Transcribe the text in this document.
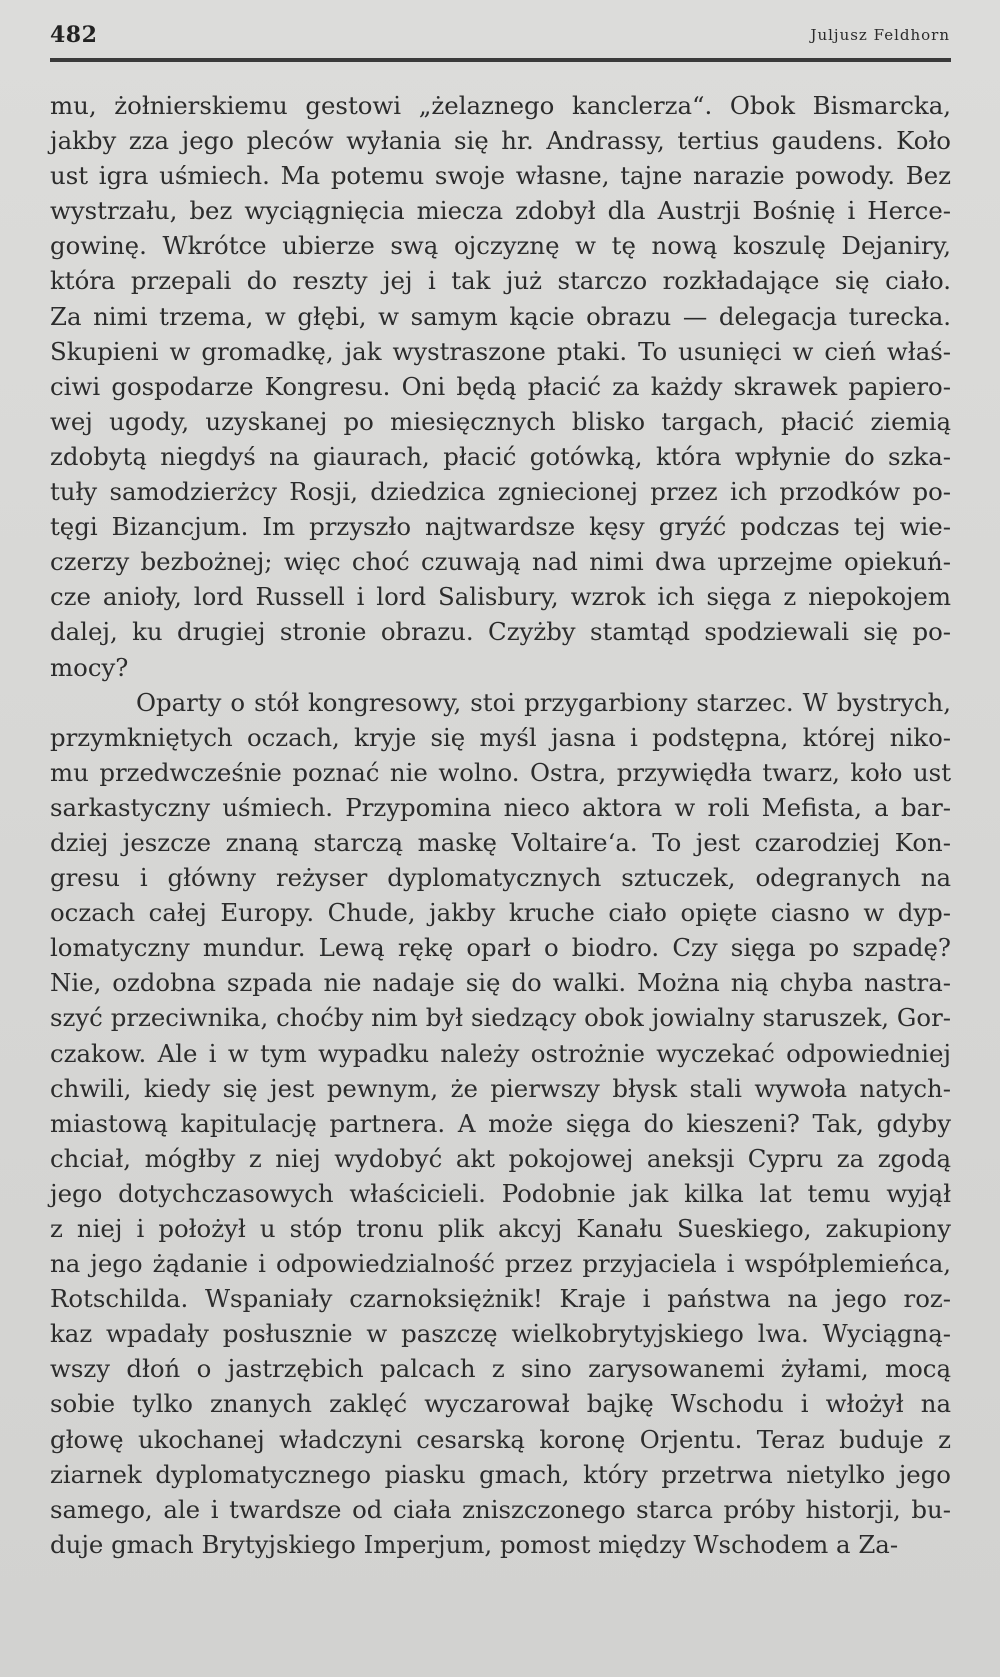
482	Juljusz Feldhorn
mu, żołnierskiemu gestowi „żelaznego kanclerza“. Obok Bismarcka,
jakby zza jego pleców wyłania się hr. Andrassy, tertius gaudens. Koło
ust igra uśmiech. Ma potemu swoje własne, tajne narazie powody. Bez
wystrzału, bez wyciągnięcia miecza zdobył dla Austrji Bośnię i Herce-
gowinę. Wkrótce ubierze swą ojczyznę w tę nową koszulę Dejaniry,
która przepali do reszty jej i tak już starczo rozkładające się ciało.
Za nimi trzema, w głębi, w samym kącie obrazu — delegacja turecka.
Skupieni w gromadkę, jak wystraszone ptaki. To usunięci w cień właś-
ciwi gospodarze Kongresu. Oni będą płacić za każdy skrawek papiero-
wej ugody, uzyskanej po miesięcznych blisko targach, płacić ziemią
zdobytą niegdyś na giaurach, płacić gotówką, która wpłynie do szka-
tuły samodzierżcy Rosji, dziedzica zgniecionej przez ich przodków po-
tęgi Bizancjum. Im przyszło najtwardsze kęsy gryźć podczas tej wie-
czerzy bezbożnej; więc choć czuwają nad nimi dwa uprzejme opiekuń-
cze anioły, lord Russell i lord Salisbury, wzrok ich sięga z niepokojem
dalej, ku drugiej stronie obrazu. Czyżby stamtąd spodziewali się po-
mocy?
Oparty o stół kongresowy, stoi przygarbiony starzec. W bystrych,
przymkniętych oczach, kryje się myśl jasna i podstępna, której niko-
mu przedwcześnie poznać nie wolno. Ostra, przywiędła twarz, koło ust
sarkastyczny uśmiech. Przypomina nieco aktora w roli Mefista, a bar-
dziej jeszcze znaną starczą maskę Voltaire‘a. To jest czarodziej Kon-
gresu i główny reżyser dyplomatycznych sztuczek, odegranych na
oczach całej Europy. Chude, jakby kruche ciało opięte ciasno w dyp-
lomatyczny mundur. Lewą rękę oparł o biodro. Czy sięga po szpadę?
Nie, ozdobna szpada nie nadaje się do walki. Można nią chyba nastra-
szyć przeciwnika, choćby nim był siedzący obok jowialny staruszek, Gor-
czakow. Ale i w tym wypadku należy ostrożnie wyczekać odpowiedniej
chwili, kiedy się jest pewnym, że pierwszy błysk stali wywoła natych-
miastową kapitulację partnera. A może sięga do kieszeni? Tak, gdyby
chciał, mógłby z niej wydobyć akt pokojowej aneksji Cypru za zgodą
jego dotychczasowych właścicieli. Podobnie jak kilka lat temu wyjął
z niej i położył u stóp tronu plik akcyj Kanału Sueskiego, zakupiony
na jego żądanie i odpowiedzialność przez przyjaciela i współplemieńca,
Rotschilda. Wspaniały czarnoksiężnik! Kraje i państwa na jego roz-
kaz wpadały posłusznie w paszczę wielkobrytyjskiego lwa. Wyciągną-
wszy dłoń o jastrzębich palcach z sino zarysowanemi żyłami, mocą
sobie tylko znanych zaklęć wyczarował bajkę Wschodu i włożył na
głowę ukochanej władczyni cesarską koronę Orjentu. Teraz buduje z
ziarnek dyplomatycznego piasku gmach, który przetrwa nietylko jego
samego, ale i twardsze od ciała zniszczonego starca próby historji, bu-
duje gmach Brytyjskiego Imperjum, pomost między Wschodem a Za-
